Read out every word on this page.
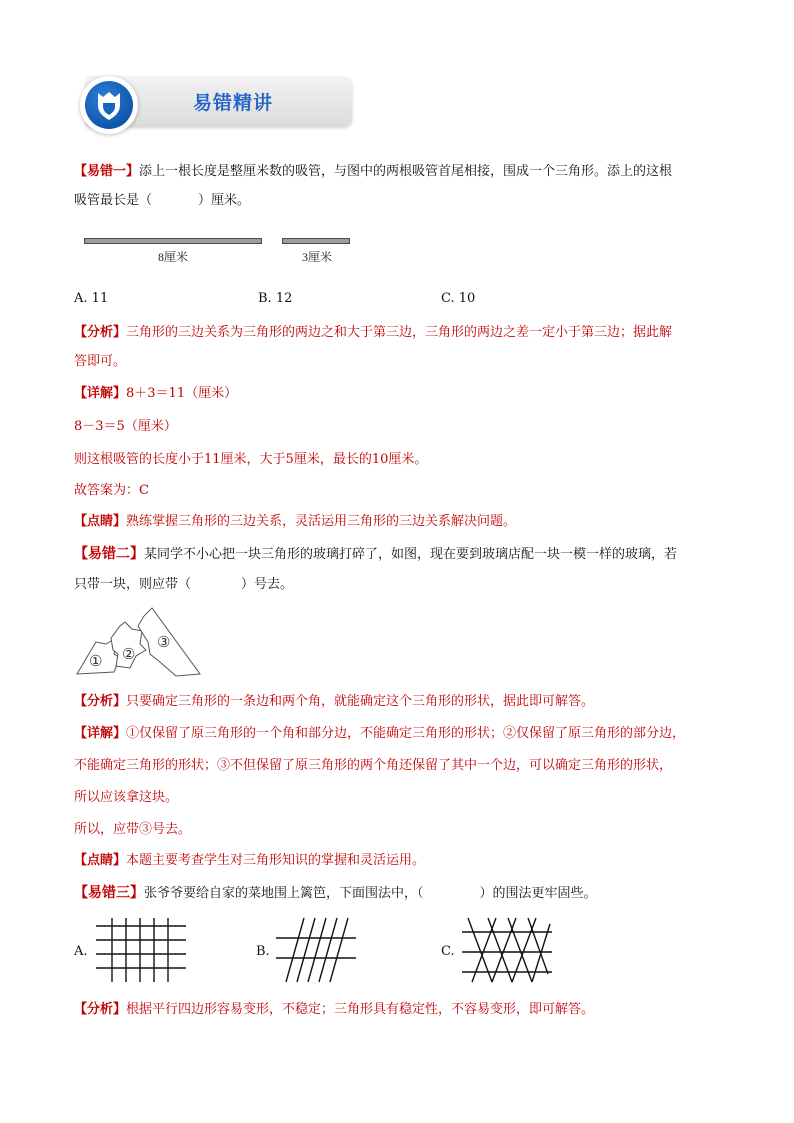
易错精讲
【易错一】添上一根长度是整厘米数的吸管，与图中的两根吸管首尾相接，围成一个三角形。添上的这根
吸管最长是（	）厘米。
8厘米	3厘米
A. 11	B. 12	C. 10
【分析】三角形的三边关系为三角形的两边之和大于第三边，三角形的两边之差一定小于第三边；据此解
答即可。
【详解】8＋3＝11（厘米）
8－3＝5（厘米）
则这根吸管的长度小于11厘米，大于5厘米，最长的10厘米。
故答案为：C
【点睛】熟练掌握三角形的三边关系，灵活运用三角形的三边关系解决问题。
【易错二】某同学不小心把一块三角形的玻璃打碎了，如图，现在要到玻璃店配一块一模一样的玻璃，若
只带一块，则应带（	）号去。
① ②
③
【分析】只要确定三角形的一条边和两个角，就能确定这个三角形的形状，据此即可解答。
【详解】①仅保留了原三角形的一个角和部分边，不能确定三角形的形状；②仅保留了原三角形的部分边，
不能确定三角形的形状；③不但保留了原三角形的两个角还保留了其中一个边，可以确定三角形的形状，
所以应该拿这块。
所以，应带③号去。
【点睛】本题主要考查学生对三角形知识的掌握和灵活运用。
【易错三】张爷爷要给自家的菜地围上篱笆，下面围法中，（	）的围法更牢固些。
A.	B.	C.
【分析】根据平行四边形容易变形，不稳定；三角形具有稳定性，不容易变形，即可解答。
